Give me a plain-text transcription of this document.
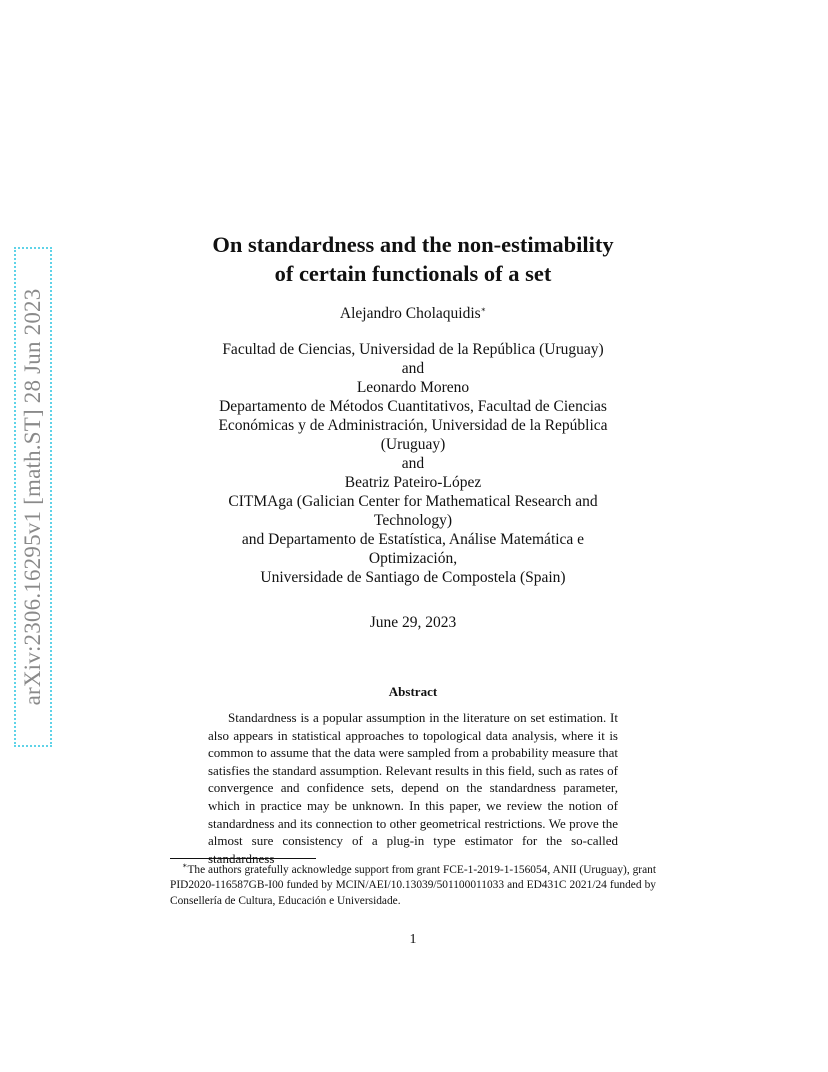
arXiv:2306.16295v1 [math.ST] 28 Jun 2023
On standardness and the non-estimability
of certain functionals of a set
Alejandro Cholaquidis∗
Facultad de Ciencias, Universidad de la República (Uruguay)
and
Leonardo Moreno
Departamento de Métodos Cuantitativos, Facultad de Ciencias
Económicas y de Administración, Universidad de la República
(Uruguay)
and
Beatriz Pateiro-López
CITMAga (Galician Center for Mathematical Research and
Technology)
and Departamento de Estatística, Análise Matemática e
Optimización,
Universidade de Santiago de Compostela (Spain)
June 29, 2023
Abstract

Standardness is a popular assumption in the literature on set estimation. It also appears in statistical approaches to topological data analysis, where it is common to assume that the data were sampled from a probability measure that satisfies the standard assumption. Relevant results in this field, such as rates of convergence and confidence sets, depend on the standardness parameter, which in practice may be unknown. In this paper, we review the notion of standardness and its connection to other geometrical restrictions. We prove the almost sure consistency of a plug-in type estimator for the so-called standardness

∗The authors gratefully acknowledge support from grant FCE-1-2019-1-156054, ANII (Uruguay), grant PID2020-116587GB-I00 funded by MCIN/AEI/10.13039/501100011033 and ED431C 2021/24 funded by Consellería de Cultura, Educación e Universidade.

1
